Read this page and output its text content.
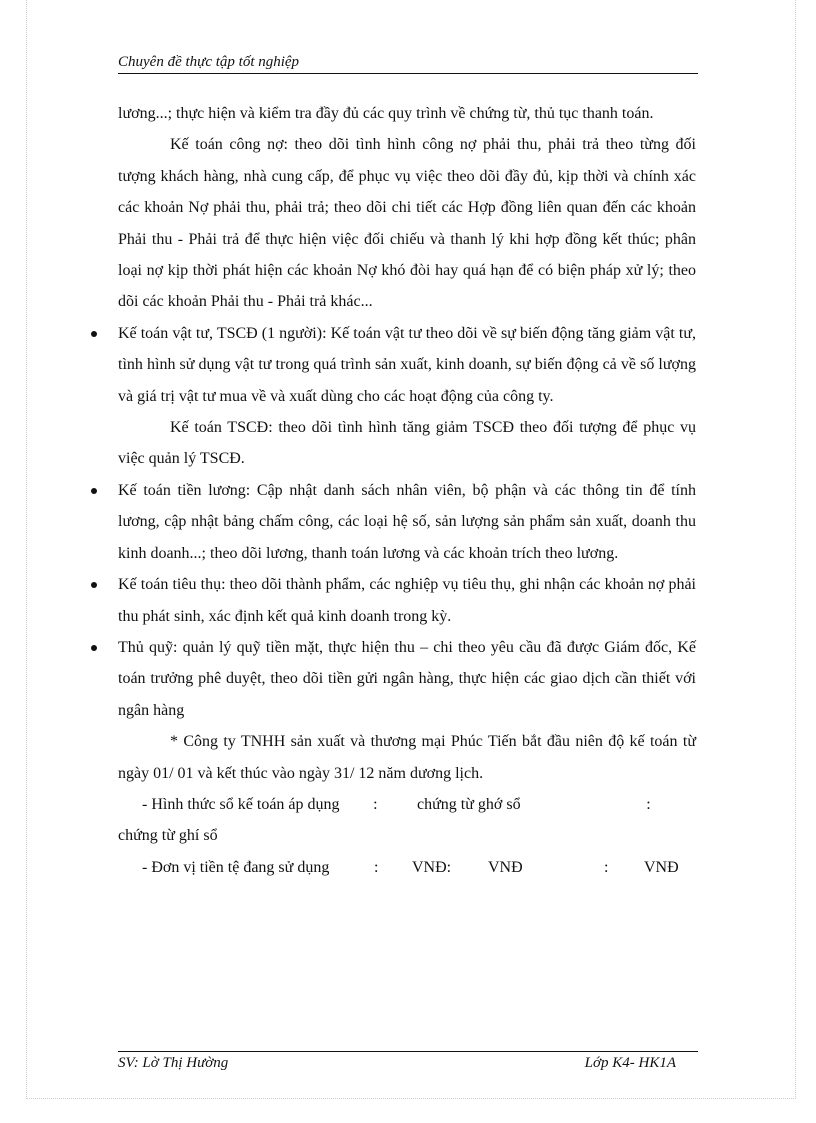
Chuyên đề thực tập tốt nghiệp

lương...; thực hiện và kiểm tra đầy đủ các quy trình về chứng từ, thủ tục thanh toán.

Kế toán công nợ: theo dõi tình hình công nợ phải thu, phải trả theo từng đối tượng khách hàng, nhà cung cấp, để phục vụ việc theo dõi đầy đủ, kịp thời và chính xác các khoản Nợ phải thu, phải trả; theo dõi chi tiết các Hợp đồng liên quan đến các khoản Phải thu - Phải trả để thực hiện việc đối chiếu và thanh lý khi hợp đồng kết thúc; phân loại nợ kịp thời phát hiện các khoản Nợ khó đòi hay quá hạn để có biện pháp xử lý; theo dõi các khoản Phải thu - Phải trả khác...

Kế toán vật tư, TSCĐ (1 người): Kế toán vật tư theo dõi về sự biến động tăng giảm vật tư, tình hình sử dụng vật tư trong quá trình sản xuất, kinh doanh, sự biến động cả về số lượng và giá trị vật tư mua về và xuất dùng cho các hoạt động của công ty.

Kế toán TSCĐ: theo dõi tình hình tăng giảm TSCĐ theo đối tượng để phục vụ việc quản lý TSCĐ.

Kế toán tiền lương: Cập nhật danh sách nhân viên, bộ phận và các thông tin để tính lương, cập nhật bảng chấm công, các loại hệ số, sản lượng sản phẩm sản xuất, doanh thu kinh doanh...; theo dõi lương, thanh toán lương và các khoản trích theo lương.

Kế toán tiêu thụ: theo dõi thành phẩm, các nghiệp vụ tiêu thụ, ghi nhận các khoản nợ phải thu phát sinh, xác định kết quả kinh doanh trong kỳ.

Thủ quỹ: quản lý quỹ tiền mặt, thực hiện thu – chi theo yêu cầu đã được Giám đốc, Kế toán trưởng phê duyệt, theo dõi tiền gửi ngân hàng, thực hiện các giao dịch cần thiết với ngân hàng

* Công ty TNHH sản xuất và thương mại Phúc Tiến bắt đầu niên độ kế toán từ ngày 01/ 01 và kết thúc vào ngày 31/ 12 năm dương lịch.

- Hình thức sổ kế toán áp dụng	:	chứng từ ghớ sổ	:

chứng từ ghí sổ

- Đơn vị tiền tệ đang sử dụng	:	VNĐ:	VNĐ	:	VNĐ
SV: Lờ Thị Hường	Lớp K4- HK1A
